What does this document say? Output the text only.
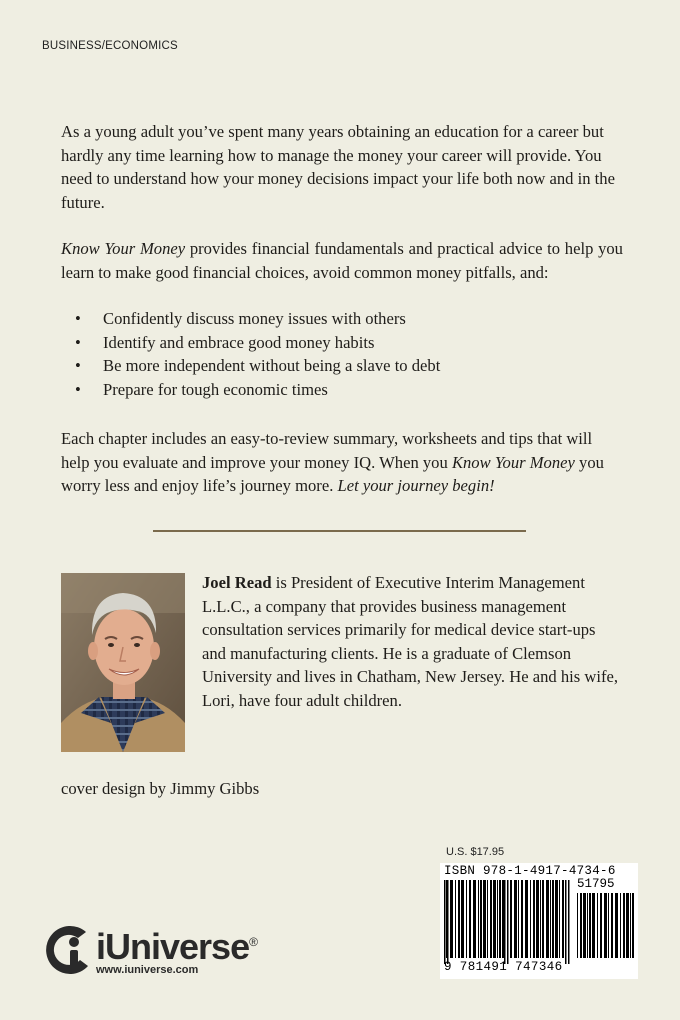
BUSINESS/ECONOMICS

As a young adult you’ve spent many years obtaining an education for a career but hardly any time learning how to manage the money your career will provide. You need to understand how your money decisions impact your life both now and in the future.

Know Your Money provides financial fundamentals and practical advice to help you learn to make good financial choices, avoid common money pitfalls, and:

• Confidently discuss money issues with others
• Identify and embrace good money habits
• Be more independent without being a slave to debt
• Prepare for tough economic times

Each chapter includes an easy-to-review summary, worksheets and tips that will help you evaluate and improve your money IQ. When you Know Your Money you worry less and enjoy life’s journey more. Let your journey begin!

Joel Read is President of Executive Interim Management L.L.C., a company that provides business management consultation services primarily for medical device start-ups and manufacturing clients. He is a graduate of Clemson University and lives in Chatham, New Jersey. He and his wife, Lori, have four adult children.

cover design by Jimmy Gibbs
iUniverse®
www.iuniverse.com
U.S. $17.95
ISBN 978-1-4917-4734-6
51795
9 781491 747346
